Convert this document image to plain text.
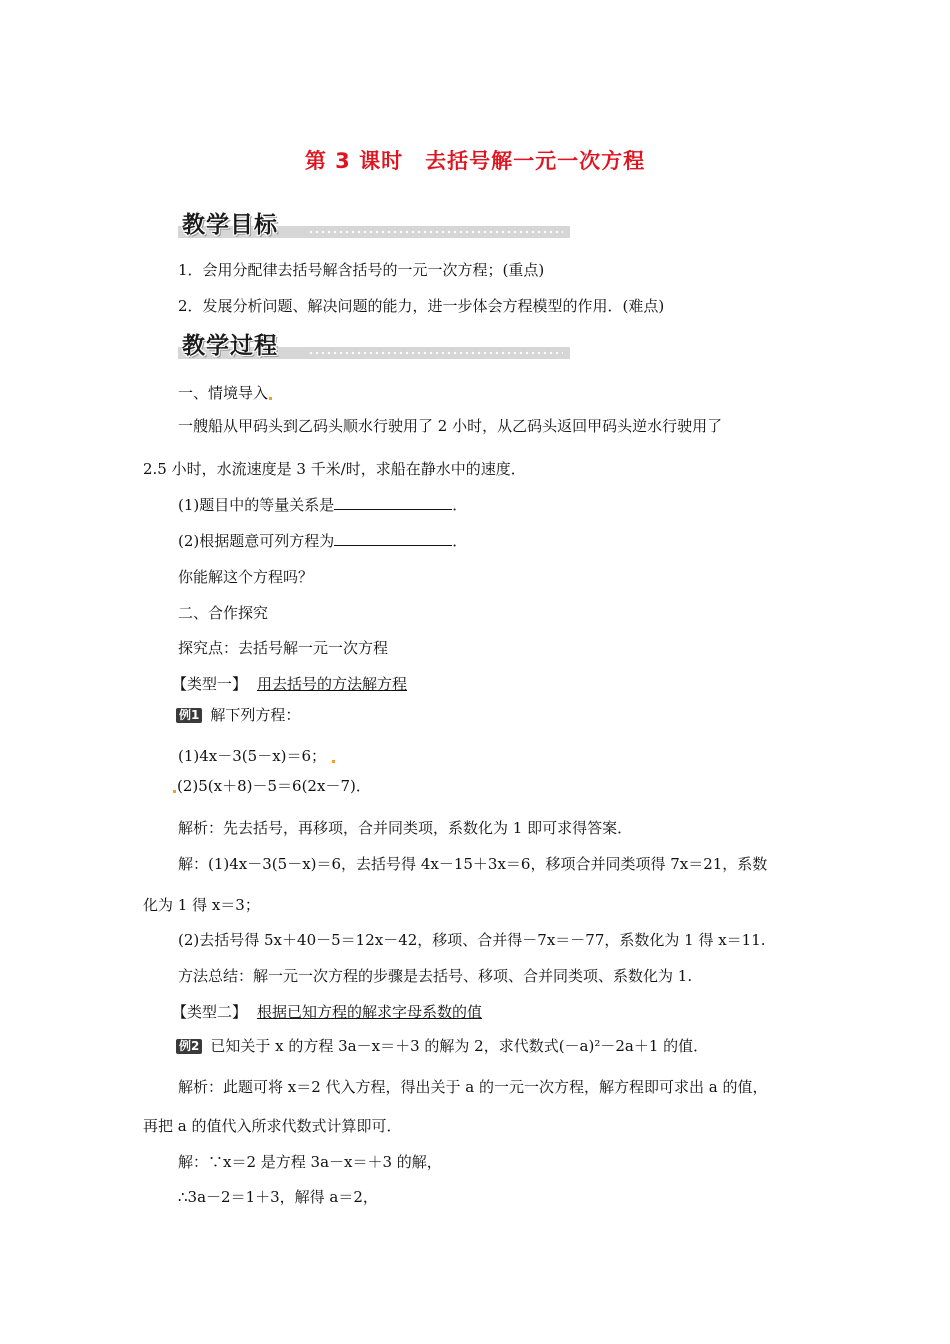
第 3 课时 去括号解一元一次方程
教学目标
1．会用分配律去括号解含括号的一元一次方程；(重点)
2．发展分析问题、解决问题的能力，进一步体会方程模型的作用．(难点)
教学过程
一、情境导入
一艘船从甲码头到乙码头顺水行驶用了 2 小时，从乙码头返回甲码头逆水行驶用了
2.5 小时，水流速度是 3 千米/时，求船在静水中的速度．
(1)题目中的等量关系是	．
(2)根据题意可列方程为	．
你能解这个方程吗？
二、合作探究
探究点：去括号解一元一次方程
【类型一】 用去括号的方法解方程
例1 解下列方程：
(1)4x－3(5－x)＝6；
(2)5(x＋8)－5＝6(2x－7)．
解析：先去括号，再移项，合并同类项，系数化为 1 即可求得答案．
解：(1)4x－3(5－x)＝6，去括号得 4x－15＋3x＝6，移项合并同类项得 7x＝21，系数
化为 1 得 x＝3；
(2)去括号得 5x＋40－5＝12x－42，移项、合并得－7x＝－77，系数化为 1 得 x＝11.
方法总结：解一元一次方程的步骤是去括号、移项、合并同类项、系数化为 1.
【类型二】 根据已知方程的解求字母系数的值
例2 已知关于 x 的方程 3a－x＝＋3 的解为 2，求代数式(－a)²－2a＋1 的值．
解析：此题可将 x＝2 代入方程，得出关于 a 的一元一次方程，解方程即可求出 a 的值，
再把 a 的值代入所求代数式计算即可．
解：∵x＝2 是方程 3a－x＝＋3 的解，
∴3a－2＝1＋3，解得 a＝2，
